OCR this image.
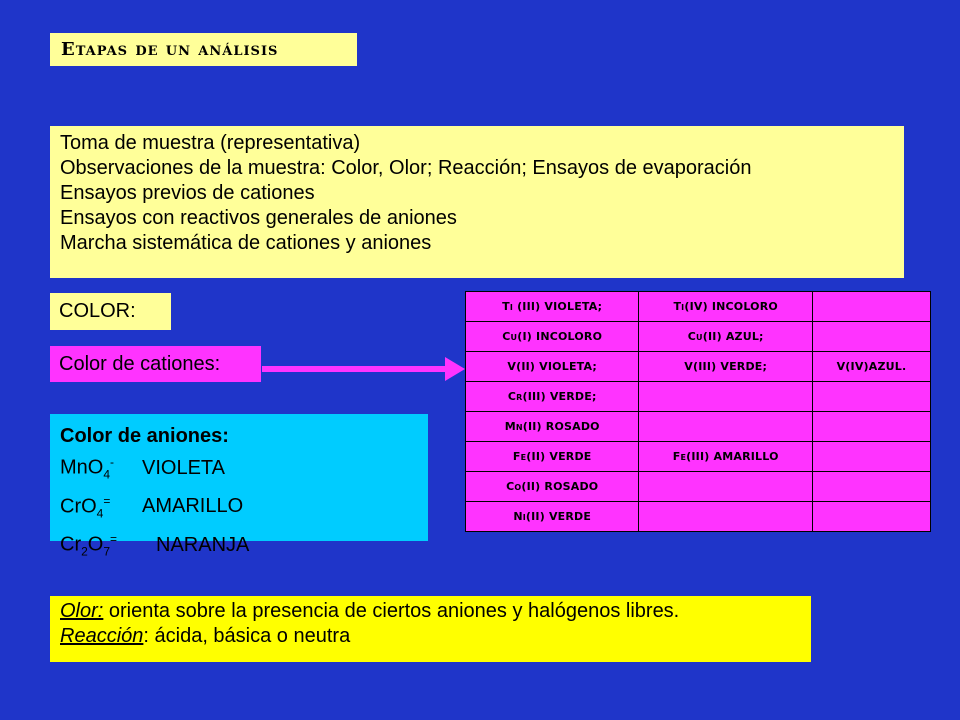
Etapas de un análisis
Toma de muestra (representativa)
Observaciones de la muestra: Color, Olor; Reacción; Ensayos de evaporación
Ensayos previos de cationes
Ensayos con reactivos generales de aniones
Marcha sistemática de cationes y aniones
COLOR:
Color de cationes:
Color de aniones:
MnO$_4$- VIOLETA
CrO$_4$= AMARILLO
$Cr_2O_7^=$ NARANJA
Ti (III) VIOLETA;	Ti(IV) INCOLORO	
Cu(I) INCOLORO	Cu(II) AZUL;	
V(II) VIOLETA;	V(III) VERDE;	V(IV)AZUL.
Cr(III) VERDE;		
Mn(II) ROSADO		
Fe(II) VERDE	Fe(III) AMARILLO	
Co(II) ROSADO		
Ni(II) VERDE		
Olor: orienta sobre la presencia de ciertos aniones y halógenos libres.
Reacción: ácida, básica o neutra
